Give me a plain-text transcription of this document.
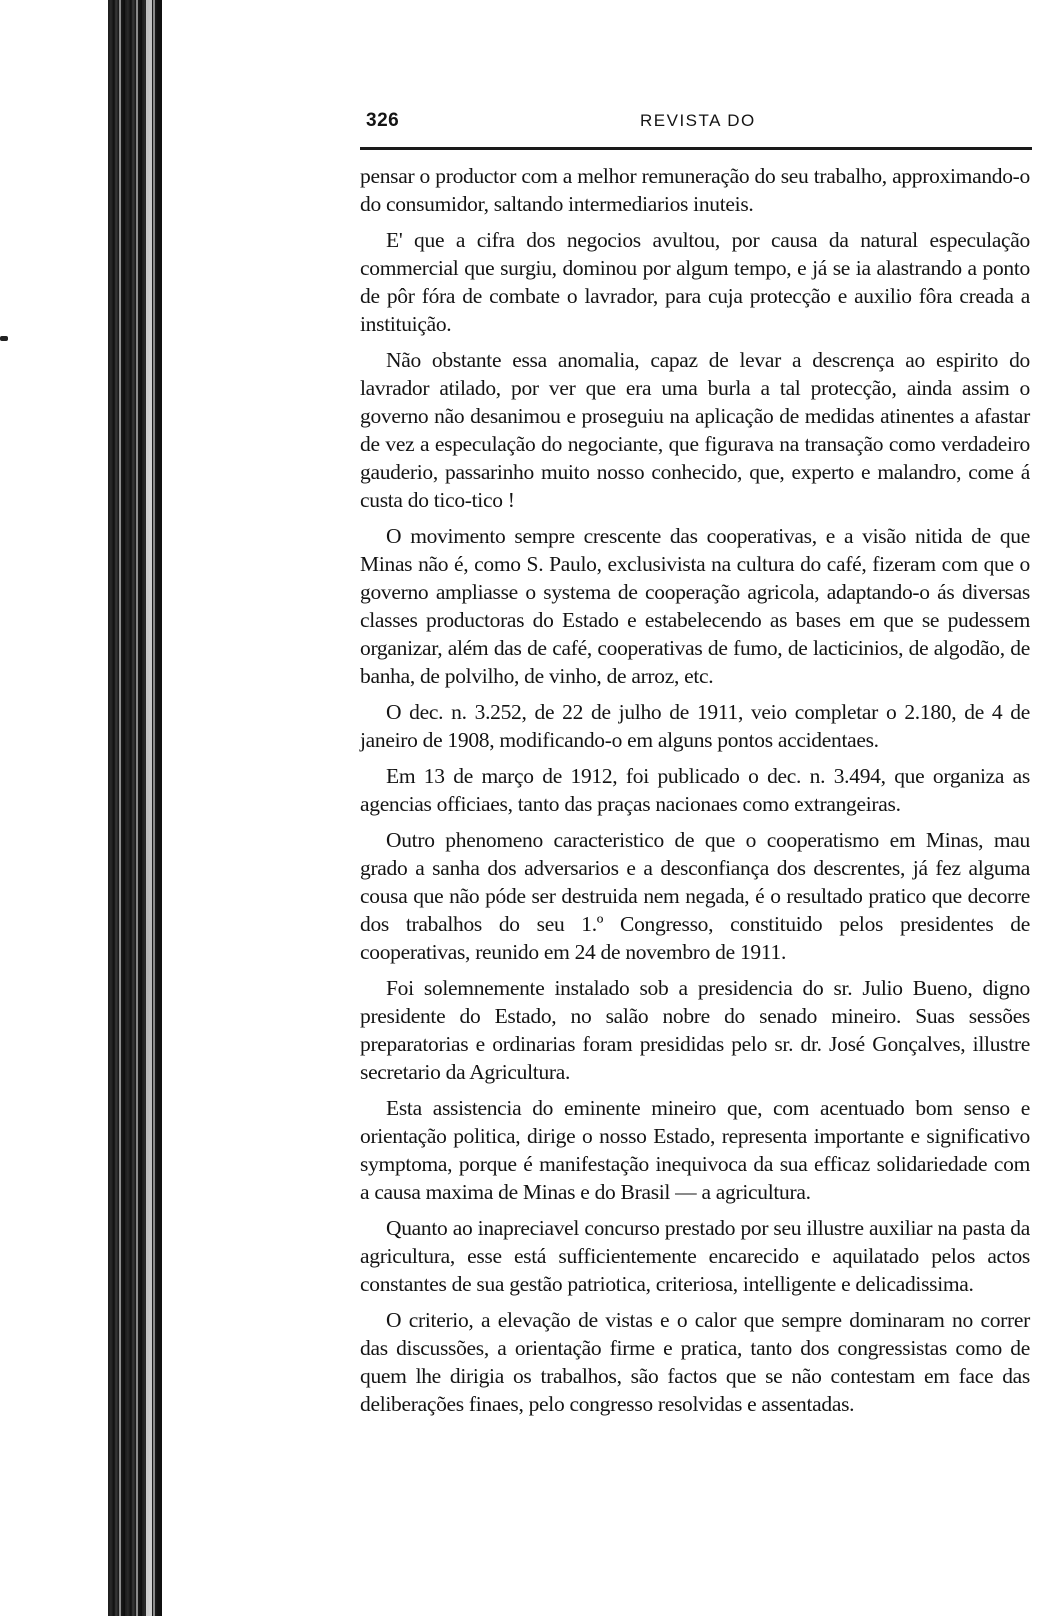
326	REVISTA DO

pensar o productor com a melhor remuneração do seu trabalho, approximando-o do consumidor, saltando intermediarios inuteis.

E' que a cifra dos negocios avultou, por causa da natural especulação commercial que surgiu, dominou por algum tempo, e já se ia alastrando a ponto de pôr fóra de combate o lavrador, para cuja protecção e auxilio fôra creada a instituição.

Não obstante essa anomalia, capaz de levar a descrença ao espirito do lavrador atilado, por ver que era uma burla a tal protecção, ainda assim o governo não desanimou e proseguiu na aplicação de medidas atinentes a afastar de vez a especulação do negociante, que figurava na transação como verdadeiro gauderio, passarinho muito nosso conhecido, que, experto e malandro, come á custa do tico-tico !

O movimento sempre crescente das cooperativas, e a visão nitida de que Minas não é, como S. Paulo, exclusivista na cultura do café, fizeram com que o governo ampliasse o systema de cooperação agricola, adaptando-o ás diversas classes productoras do Estado e estabelecendo as bases em que se pudessem organizar, além das de café, cooperativas de fumo, de lacticinios, de algodão, de banha, de polvilho, de vinho, de arroz, etc.

O dec. n. 3.252, de 22 de julho de 1911, veio completar o 2.180, de 4 de janeiro de 1908, modificando-o em alguns pontos accidentaes.

Em 13 de março de 1912, foi publicado o dec. n. 3.494, que organiza as agencias officiaes, tanto das praças nacionaes como extrangeiras.

Outro phenomeno caracteristico de que o cooperatismo em Minas, mau grado a sanha dos adversarios e a desconfiança dos descrentes, já fez alguma cousa que não póde ser destruida nem negada, é o resultado pratico que decorre dos trabalhos do seu 1.º Congresso, constituido pelos presidentes de cooperativas, reunido em 24 de novembro de 1911.

Foi solemnemente instalado sob a presidencia do sr. Julio Bueno, digno presidente do Estado, no salão nobre do senado mineiro. Suas sessões preparatorias e ordinarias foram presididas pelo sr. dr. José Gonçalves, illustre secretario da Agricultura.

Esta assistencia do eminente mineiro que, com acentuado bom senso e orientação politica, dirige o nosso Estado, representa importante e significativo symptoma, porque é manifestação inequivoca da sua efficaz solidariedade com a causa maxima de Minas e do Brasil — a agricultura.

Quanto ao inapreciavel concurso prestado por seu illustre auxiliar na pasta da agricultura, esse está sufficientemente encarecido e aquilatado pelos actos constantes de sua gestão patriotica, criteriosa, intelligente e delicadissima.

O criterio, a elevação de vistas e o calor que sempre dominaram no correr das discussões, a orientação firme e pratica, tanto dos congressistas como de quem lhe dirigia os trabalhos, são factos que se não contestam em face das deliberações finaes, pelo congresso resolvidas e assentadas.
